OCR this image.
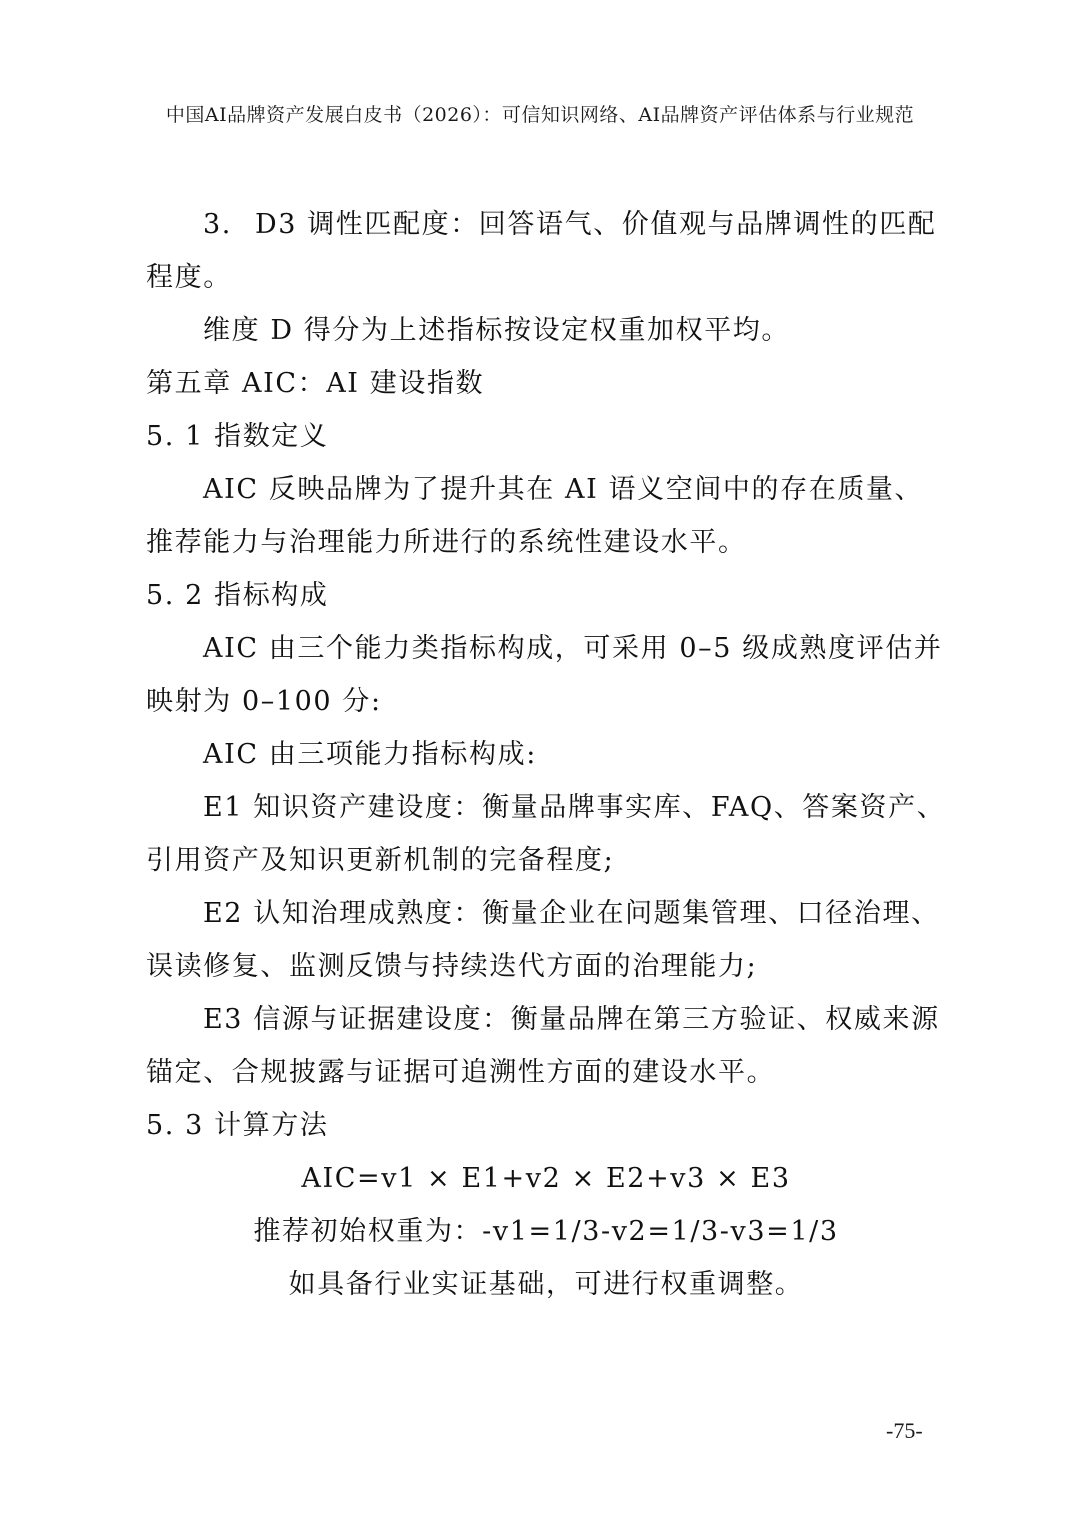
中国AI品牌资产发展白皮书（2026）：可信知识网络、AI品牌资产评估体系与行业规范

3. D3 调性匹配度：回答语气、价值观与品牌调性的匹配程度。

维度 D 得分为上述指标按设定权重加权平均。

第五章 AIC：AI 建设指数

5. 1 指数定义

AIC 反映品牌为了提升其在 AI 语义空间中的存在质量、推荐能力与治理能力所进行的系统性建设水平。

5. 2 指标构成

AIC 由三个能力类指标构成，可采用 0–5 级成熟度评估并映射为 0–100 分:

AIC 由三项能力指标构成:

E1 知识资产建设度：衡量品牌事实库、FAQ、答案资产、引用资产及知识更新机制的完备程度;

E2 认知治理成熟度：衡量企业在问题集管理、口径治理、误读修复、监测反馈与持续迭代方面的治理能力;

E3 信源与证据建设度：衡量品牌在第三方验证、权威来源锚定、合规披露与证据可追溯性方面的建设水平。

5. 3 计算方法

AIC=v1 × E1+v2 × E2+v3 × E3

推荐初始权重为：-v1=1/3-v2=1/3-v3=1/3

如具备行业实证基础，可进行权重调整。

-75-
